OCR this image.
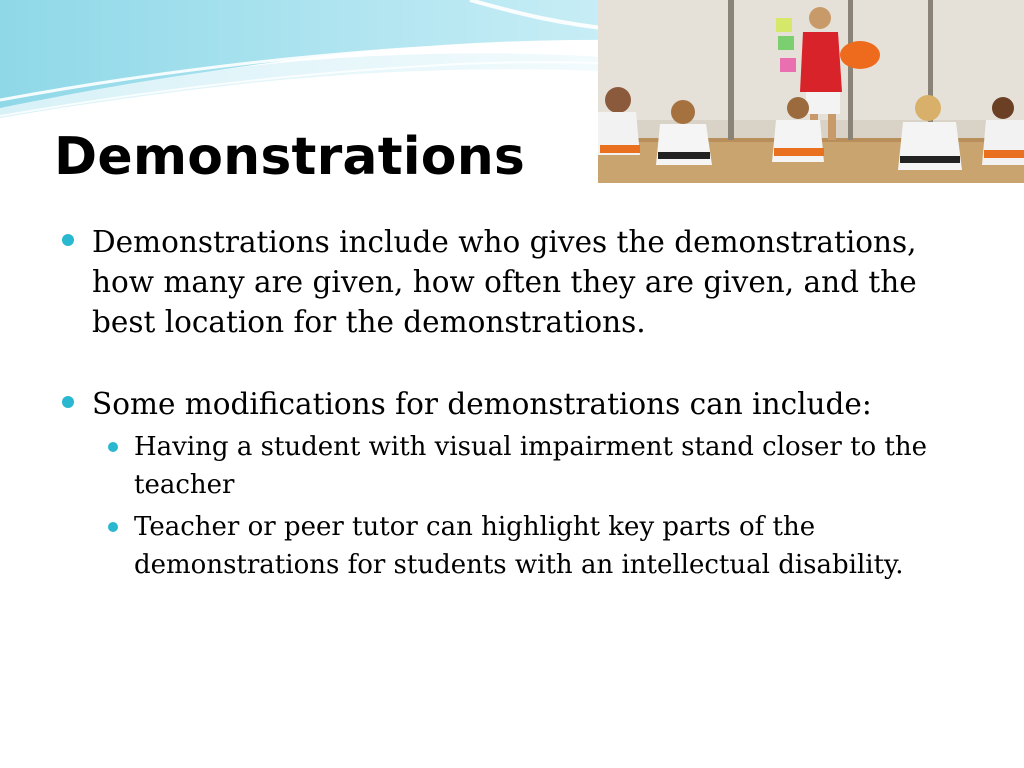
Demonstrations

Demonstrations include who gives the demonstrations, how many are given, how often they are given, and the best location for the demonstrations.

Some modifications for demonstrations can include:

Having a student with visual impairment stand closer to the teacher

Teacher or peer tutor can highlight key parts of the demonstrations for students with an intellectual disability.
